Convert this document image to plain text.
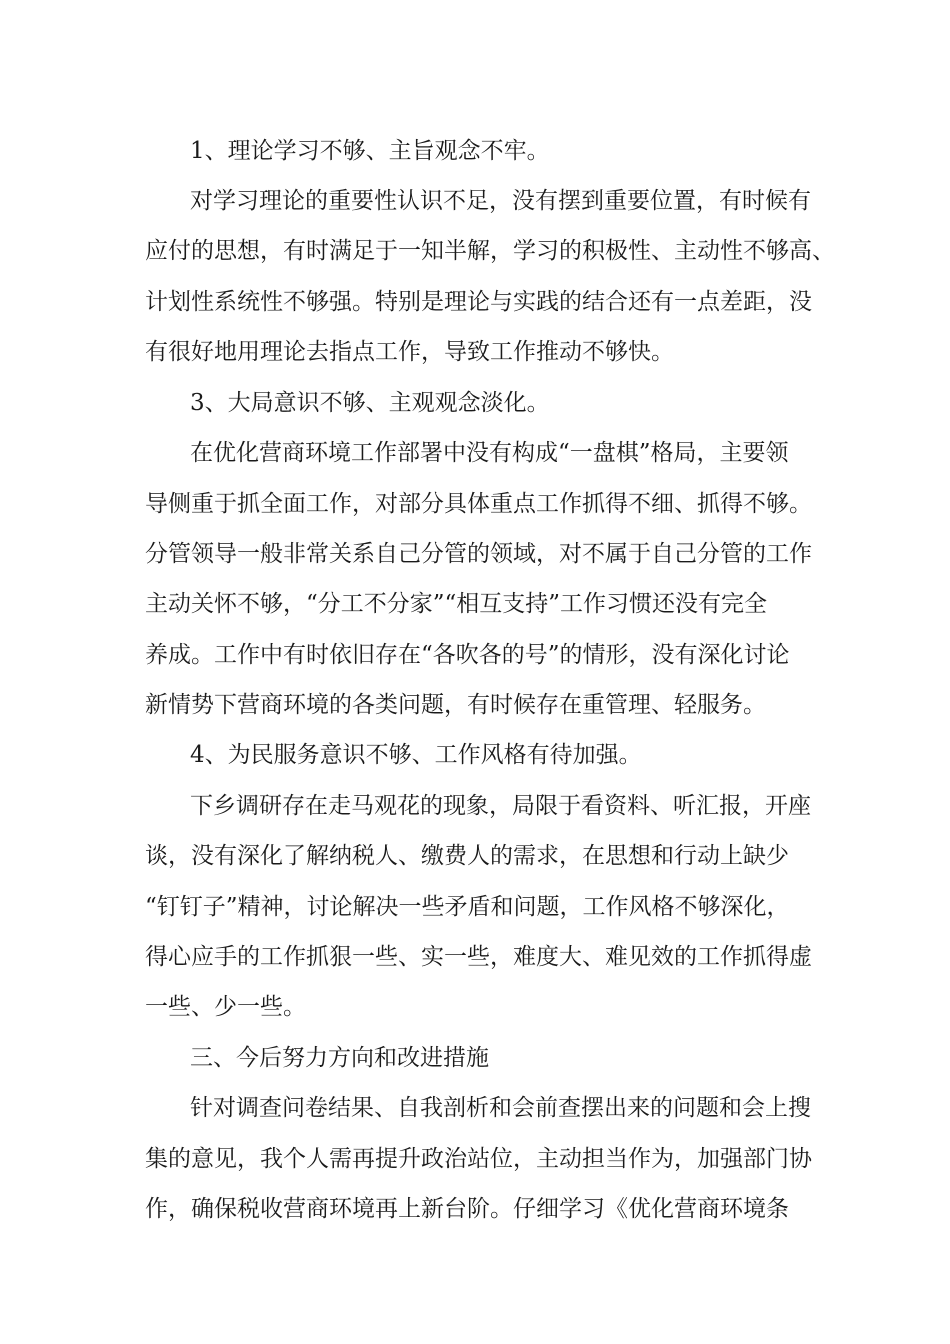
1、理论学习不够、主旨观念不牢。
对学习理论的重要性认识不足，没有摆到重要位置，有时候有
应付的思想，有时满足于一知半解，学习的积极性、主动性不够高、
计划性系统性不够强。特别是理论与实践的结合还有一点差距，没
有很好地用理论去指点工作，导致工作推动不够快。
3、大局意识不够、主观观念淡化。
在优化营商环境工作部署中没有构成“一盘棋”格局，主要领
导侧重于抓全面工作，对部分具体重点工作抓得不细、抓得不够。
分管领导一般非常关系自己分管的领域，对不属于自己分管的工作
主动关怀不够，“分工不分家”“相互支持”工作习惯还没有完全
养成。工作中有时依旧存在“各吹各的号”的情形，没有深化讨论
新情势下营商环境的各类问题，有时候存在重管理、轻服务。
4、为民服务意识不够、工作风格有待加强。
下乡调研存在走马观花的现象，局限于看资料、听汇报，开座
谈，没有深化了解纳税人、缴费人的需求，在思想和行动上缺少
“钉钉子”精神，讨论解决一些矛盾和问题，工作风格不够深化，
得心应手的工作抓狠一些、实一些，难度大、难见效的工作抓得虚
一些、少一些。
三、今后努力方向和改进措施
针对调查问卷结果、自我剖析和会前查摆出来的问题和会上搜
集的意见，我个人需再提升政治站位，主动担当作为，加强部门协
作，确保税收营商环境再上新台阶。仔细学习《优化营商环境条
